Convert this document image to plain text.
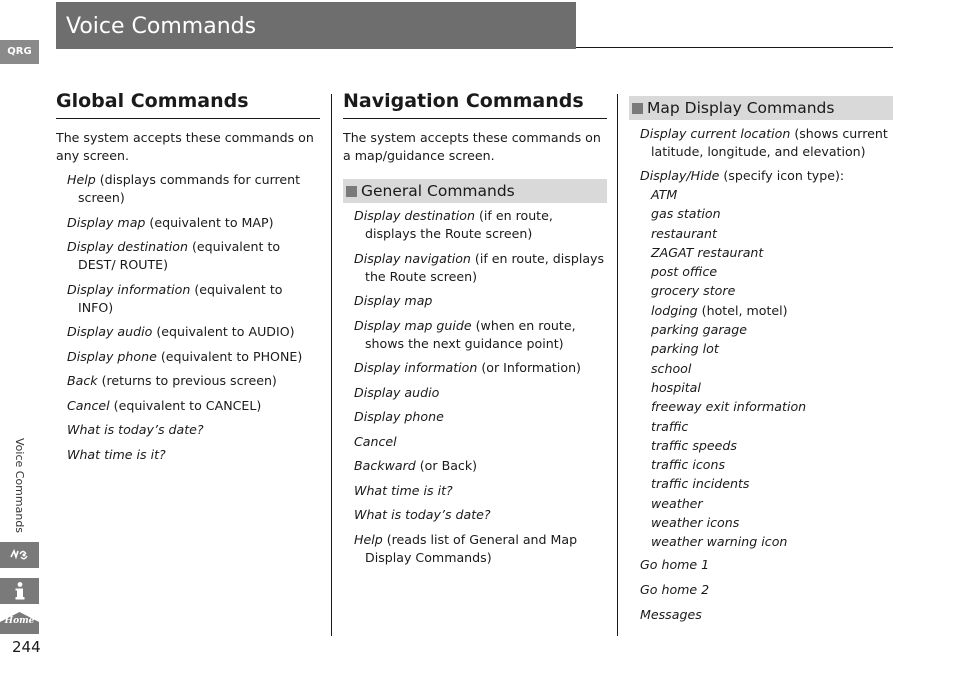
Voice Commands
QRG
Voice Commands
Home
244
Global Commands

The system accepts these commands on any screen.

Help (displays commands for current screen)
Display map (equivalent to MAP)
Display destination (equivalent to DEST/ ROUTE)
Display information (equivalent to INFO)
Display audio (equivalent to AUDIO)
Display phone (equivalent to PHONE)
Back (returns to previous screen)
Cancel (equivalent to CANCEL)
What is today’s date?
What time is it?
Navigation Commands

The system accepts these commands on a map/guidance screen.

General Commands
Display destination (if en route, displays the Route screen)
Display navigation (if en route, displays the Route screen)
Display map
Display map guide (when en route, shows the next guidance point)
Display information (or Information)
Display audio
Display phone
Cancel
Backward (or Back)
What time is it?
What is today’s date?
Help (reads list of General and Map Display Commands)
Map Display Commands
Display current location (shows current latitude, longitude, and elevation)
Display/Hide (specify icon type):
ATM
gas station
restaurant
ZAGAT restaurant
post office
grocery store
lodging (hotel, motel)
parking garage
parking lot
school
hospital
freeway exit information
traffic
traffic speeds
traffic icons
traffic incidents
weather
weather icons
weather warning icon
Go home 1
Go home 2
Messages
